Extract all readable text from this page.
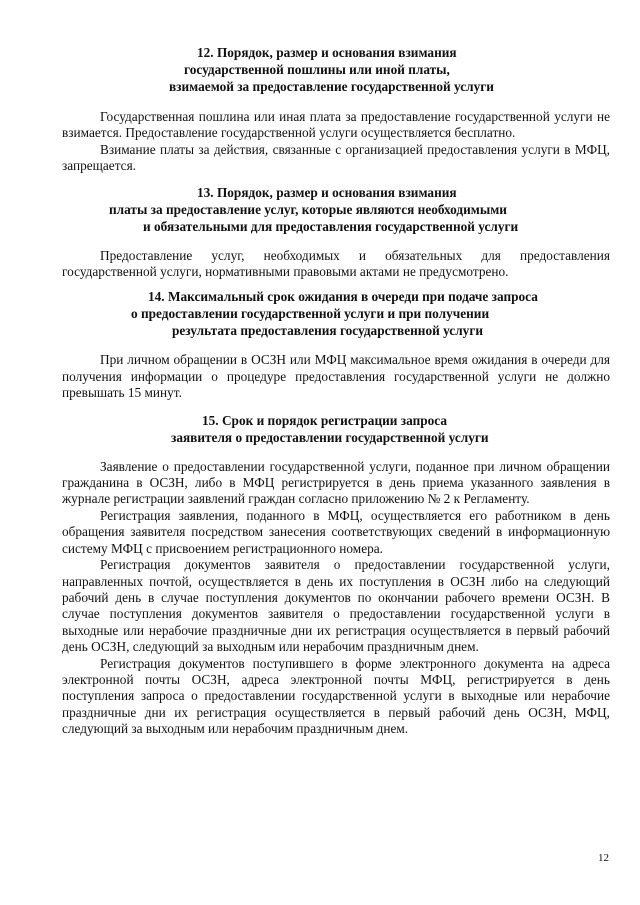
12. Порядок, размер и основания взимания
государственной пошлины или иной платы,
взимаемой за предоставление государственной услуги

Государственная пошлина или иная плата за предоставление государственной услуги не взимается. Предоставление государственной услуги осуществляется бесплатно.

Взимание платы за действия, связанные с организацией предоставления услуги в МФЦ, запрещается.

13. Порядок, размер и основания взимания
платы за предоставление услуг, которые являются необходимыми
и обязательными для предоставления государственной услуги

Предоставление услуг, необходимых и обязательных для предоставления государственной услуги, нормативными правовыми актами не предусмотрено.

14. Максимальный срок ожидания в очереди при подаче запроса
о предоставлении государственной услуги и при получении
результата предоставления государственной услуги

При личном обращении в ОСЗН или МФЦ максимальное время ожидания в очереди для получения информации о процедуре предоставления государственной услуги не должно превышать 15 минут.

15. Срок и порядок регистрации запроса
заявителя о предоставлении государственной услуги

Заявление о предоставлении государственной услуги, поданное при личном обращении гражданина в ОСЗН, либо в МФЦ регистрируется в день приема указанного заявления в журнале регистрации заявлений граждан согласно приложению № 2 к Регламенту.

Регистрация заявления, поданного в МФЦ, осуществляется его работником в день обращения заявителя посредством занесения соответствующих сведений в информационную систему МФЦ с присвоением регистрационного номера.

Регистрация документов заявителя о предоставлении государственной услуги, направленных почтой, осуществляется в день их поступления в ОСЗН либо на следующий рабочий день в случае поступления документов по окончании рабочего времени ОСЗН. В случае поступления документов заявителя о предоставлении государственной услуги в выходные или нерабочие праздничные дни их регистрация осуществляется в первый рабочий день ОСЗН, следующий за выходным или нерабочим праздничным днем.

Регистрация документов поступившего в форме электронного документа на адреса электронной почты ОСЗН, адреса электронной почты МФЦ, регистрируется в день поступления запроса о предоставлении государственной услуги в выходные или нерабочие праздничные дни их регистрация осуществляется в первый рабочий день ОСЗН, МФЦ, следующий за выходным или нерабочим праздничным днем.

12
